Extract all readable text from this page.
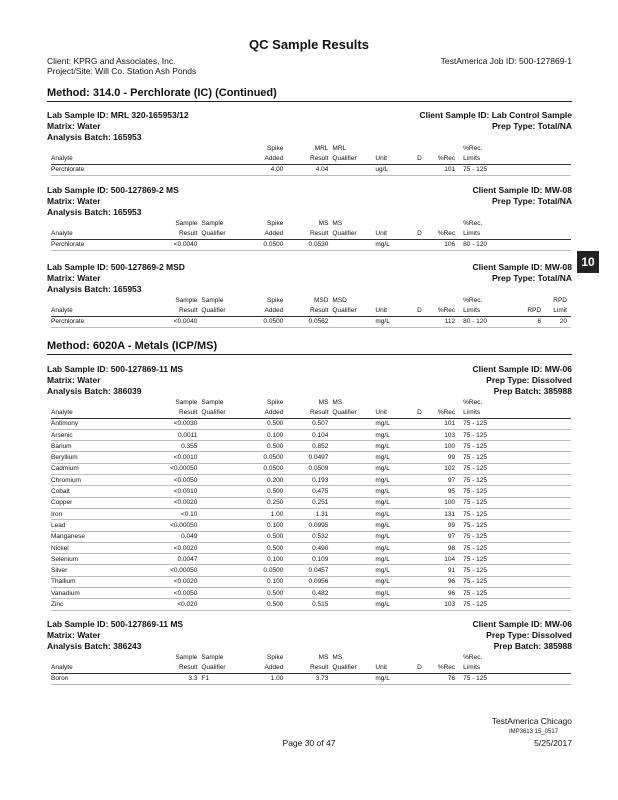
QC Sample Results
Client: KPRG and Associates, Inc.
Project/Site: Will Co. Station Ash Ponds
TestAmerica Job ID: 500-127869-1
Method: 314.0 - Perchlorate (IC) (Continued)
10
Lab Sample ID: MRL 320-165953/12	Client Sample ID: Lab Control Sample
Matrix: Water	Prep Type: Total/NA
Analysis Batch: 165953
			Spike	MRL	MRL				%Rec.		
Analyte			Added	Result	Qualifier	Unit	D	%Rec	Limits		
Perchlorate			4.00	4.04		ug/L		101	75 - 125		
Lab Sample ID: 500-127869-2 MS	Client Sample ID: MW-08
Matrix: Water	Prep Type: Total/NA
Analysis Batch: 165953
	Sample	Sample	Spike	MS	MS				%Rec.		
Analyte	Result	Qualifier	Added	Result	Qualifier	Unit	D	%Rec	Limits		
Perchlorate	<0.0040		0.0500	0.0530		mg/L		106	80 - 120		
Lab Sample ID: 500-127869-2 MSD	Client Sample ID: MW-08
Matrix: Water	Prep Type: Total/NA
Analysis Batch: 165953
	Sample	Sample	Spike	MSD	MSD				%Rec.		RPD
Analyte	Result	Qualifier	Added	Result	Qualifier	Unit	D	%Rec	Limits	RPD	Limit
Perchlorate	<0.0040		0.0500	0.0562		mg/L		112	80 - 120	6	20
Method: 6020A - Metals (ICP/MS)
Lab Sample ID: 500-127869-11 MS	Client Sample ID: MW-06
Matrix: Water	Prep Type: Dissolved
Analysis Batch: 386039	Prep Batch: 385988
	Sample	Sample	Spike	MS	MS				%Rec.		
Analyte	Result	Qualifier	Added	Result	Qualifier	Unit	D	%Rec	Limits		
Antimony	<0.0030		0.500	0.507		mg/L		101	75 - 125		
Arsenic	0.0011		0.100	0.104		mg/L		103	75 - 125		
Barium	0.355		0.500	0.852		mg/L		100	75 - 125		
Beryllium	<0.0010		0.0500	0.0497		mg/L		99	75 - 125		
Cadmium	<0.00050		0.0500	0.0509		mg/L		102	75 - 125		
Chromium	<0.0050		0.200	0.193		mg/L		97	75 - 125		
Cobalt	<0.0010		0.500	0.475		mg/L		95	75 - 125		
Copper	<0.0020		0.250	0.251		mg/L		100	75 - 125		
Iron	<0.10		1.00	1.31		mg/L		131	75 - 125		
Lead	<0.00050		0.100	0.0995		mg/L		99	75 - 125		
Manganese	0.049		0.500	0.532		mg/L		97	75 - 125		
Nickel	<0.0020		0.500	0.490		mg/L		98	75 - 125		
Selenium	0.0047		0.100	0.109		mg/L		104	75 - 125		
Silver	<0.00050		0.0500	0.0457		mg/L		91	75 - 125		
Thallium	<0.0020		0.100	0.0956		mg/L		96	75 - 125		
Vanadium	<0.0050		0.500	0.482		mg/L		96	75 - 125		
Zinc	<0.020		0.500	0.515		mg/L		103	75 - 125		
Lab Sample ID: 500-127869-11 MS	Client Sample ID: MW-06
Matrix: Water	Prep Type: Dissolved
Analysis Batch: 386243	Prep Batch: 385988
	Sample	Sample	Spike	MS	MS				%Rec.		
Analyte	Result	Qualifier	Added	Result	Qualifier	Unit	D	%Rec	Limits		
Boron	3.3	F1	1.00	3.73		mg/L		76	75 - 125		
TestAmerica Chicago
Page 30 of 47	5/25/2017
IMP3613 15_0517
